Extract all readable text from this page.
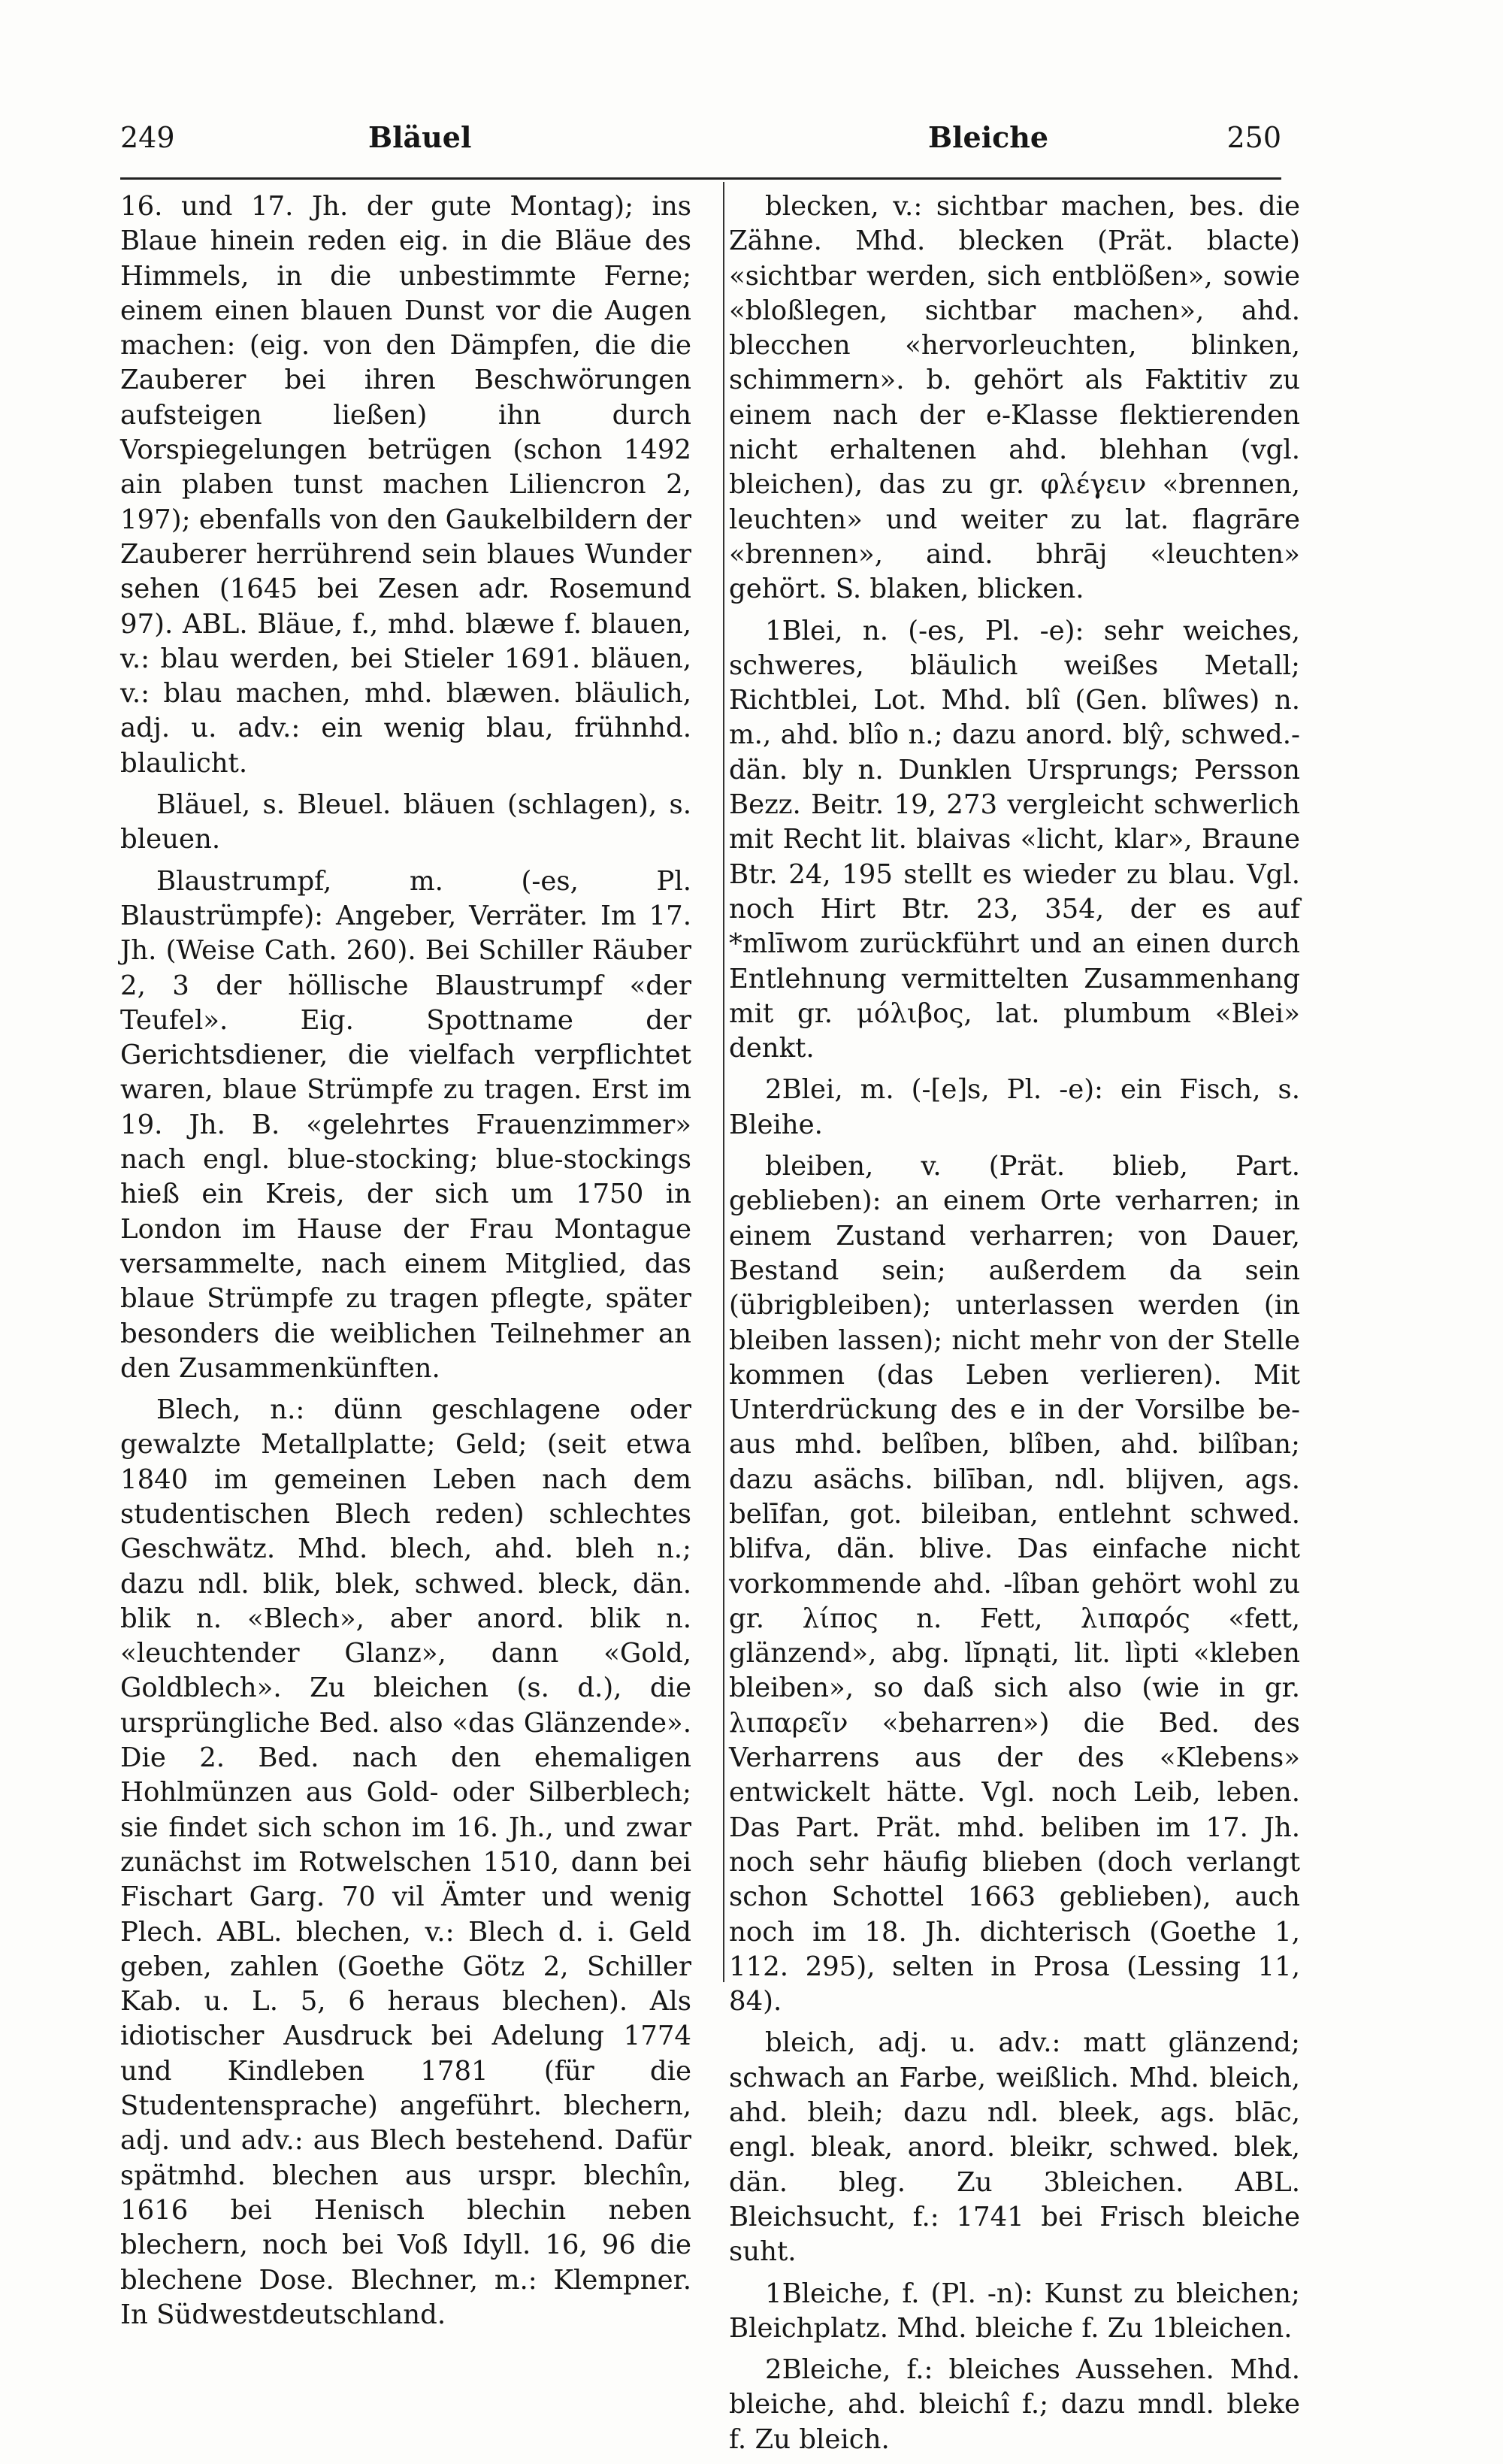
249	Bläuel	Bleiche	250

16. und 17. Jh. der gute Montag); ins Blaue hinein reden eig. in die Bläue des Himmels, in die unbestimmte Ferne; einem einen blauen Dunst vor die Augen machen: (eig. von den Dämpfen, die die Zauberer bei ihren Beschwörungen aufsteigen ließen) ihn durch Vorspiegelungen betrügen (schon 1492 ain plaben tunst machen Liliencron 2, 197); ebenfalls von den Gaukelbildern der Zauberer herrührend sein blaues Wunder sehen (1645 bei Zesen adr. Rosemund 97). ABL. Bläue, f., mhd. blæwe f. blauen, v.: blau werden, bei Stieler 1691. bläuen, v.: blau machen, mhd. blæwen. bläulich, adj. u. adv.: ein wenig blau, frühnhd. blaulicht.

Bläuel, s. Bleuel. bläuen (schlagen), s. bleuen.

Blaustrumpf, m. (-es, Pl. Blaustrümpfe): Angeber, Verräter. Im 17. Jh. (Weise Cath. 260). Bei Schiller Räuber 2, 3 der höllische Blaustrumpf «der Teufel». Eig. Spottname der Gerichtsdiener, die vielfach verpflichtet waren, blaue Strümpfe zu tragen. Erst im 19. Jh. B. «gelehrtes Frauenzimmer» nach engl. blue-stocking; blue-stockings hieß ein Kreis, der sich um 1750 in London im Hause der Frau Montague versammelte, nach einem Mitglied, das blaue Strümpfe zu tragen pflegte, später besonders die weiblichen Teilnehmer an den Zusammenkünften.

Blech, n.: dünn geschlagene oder gewalzte Metallplatte; Geld; (seit etwa 1840 im gemeinen Leben nach dem studentischen Blech reden) schlechtes Geschwätz. Mhd. blech, ahd. bleh n.; dazu ndl. blik, blek, schwed. bleck, dän. blik n. «Blech», aber anord. blik n. «leuchtender Glanz», dann «Gold, Goldblech». Zu bleichen (s. d.), die ursprüngliche Bed. also «das Glänzende». Die 2. Bed. nach den ehemaligen Hohlmünzen aus Gold- oder Silberblech; sie findet sich schon im 16. Jh., und zwar zunächst im Rotwelschen 1510, dann bei Fischart Garg. 70 vil Ämter und wenig Plech. ABL. blechen, v.: Blech d. i. Geld geben, zahlen (Goethe Götz 2, Schiller Kab. u. L. 5, 6 heraus blechen). Als idiotischer Ausdruck bei Adelung 1774 und Kindleben 1781 (für die Studentensprache) angeführt. blechern, adj. und adv.: aus Blech bestehend. Dafür spätmhd. blechen aus urspr. blechîn, 1616 bei Henisch blechin neben blechern, noch bei Voß Idyll. 16, 96 die blechene Dose. Blechner, m.: Klempner. In Südwestdeutschland.

blecken, v.: sichtbar machen, bes. die Zähne. Mhd. blecken (Prät. blacte) «sichtbar werden, sich entblößen», sowie «bloßlegen, sichtbar machen», ahd. blecchen «hervorleuchten, blinken, schimmern». b. gehört als Faktitiv zu einem nach der e-Klasse flektierenden nicht erhaltenen ahd. blehhan (vgl. bleichen), das zu gr. φλέγειν «brennen, leuchten» und weiter zu lat. flagrāre «brennen», aind. bhrāj «leuchten» gehört. S. blaken, blicken.

1Blei, n. (-es, Pl. -e): sehr weiches, schweres, bläulich weißes Metall; Richtblei, Lot. Mhd. blî (Gen. blîwes) n. m., ahd. blîo n.; dazu anord. blŷ, schwed.-dän. bly n. Dunklen Ursprungs; Persson Bezz. Beitr. 19, 273 vergleicht schwerlich mit Recht lit. blaivas «licht, klar», Braune Btr. 24, 195 stellt es wieder zu blau. Vgl. noch Hirt Btr. 23, 354, der es auf *mlīwom zurückführt und an einen durch Entlehnung vermittelten Zusammenhang mit gr. μόλιβος, lat. plumbum «Blei» denkt.

2Blei, m. (-[e]s, Pl. -e): ein Fisch, s. Bleihe.

bleiben, v. (Prät. blieb, Part. geblieben): an einem Orte verharren; in einem Zustand verharren; von Dauer, Bestand sein; außerdem da sein (übrigbleiben); unterlassen werden (in bleiben lassen); nicht mehr von der Stelle kommen (das Leben verlieren). Mit Unterdrückung des e in der Vorsilbe be- aus mhd. belîben, blîben, ahd. bilîban; dazu asächs. bilīban, ndl. blijven, ags. belīfan, got. bileiban, entlehnt schwed. blifva, dän. blive. Das einfache nicht vorkommende ahd. -lîban gehört wohl zu gr. λίπος n. Fett, λιπαρός «fett, glänzend», abg. lĭpnąti, lit. lìpti «kleben bleiben», so daß sich also (wie in gr. λιπαρεῖν «beharren») die Bed. des Verharrens aus der des «Klebens» entwickelt hätte. Vgl. noch Leib, leben. Das Part. Prät. mhd. beliben im 17. Jh. noch sehr häufig blieben (doch verlangt schon Schottel 1663 geblieben), auch noch im 18. Jh. dichterisch (Goethe 1, 112. 295), selten in Prosa (Lessing 11, 84).

bleich, adj. u. adv.: matt glänzend; schwach an Farbe, weißlich. Mhd. bleich, ahd. bleih; dazu ndl. bleek, ags. blāc, engl. bleak, anord. bleikr, schwed. blek, dän. bleg. Zu 3bleichen. ABL. Bleichsucht, f.: 1741 bei Frisch bleiche suht.

1Bleiche, f. (Pl. -n): Kunst zu bleichen; Bleichplatz. Mhd. bleiche f. Zu 1bleichen.

2Bleiche, f.: bleiches Aussehen. Mhd. bleiche, ahd. bleichî f.; dazu mndl. bleke f. Zu bleich.
